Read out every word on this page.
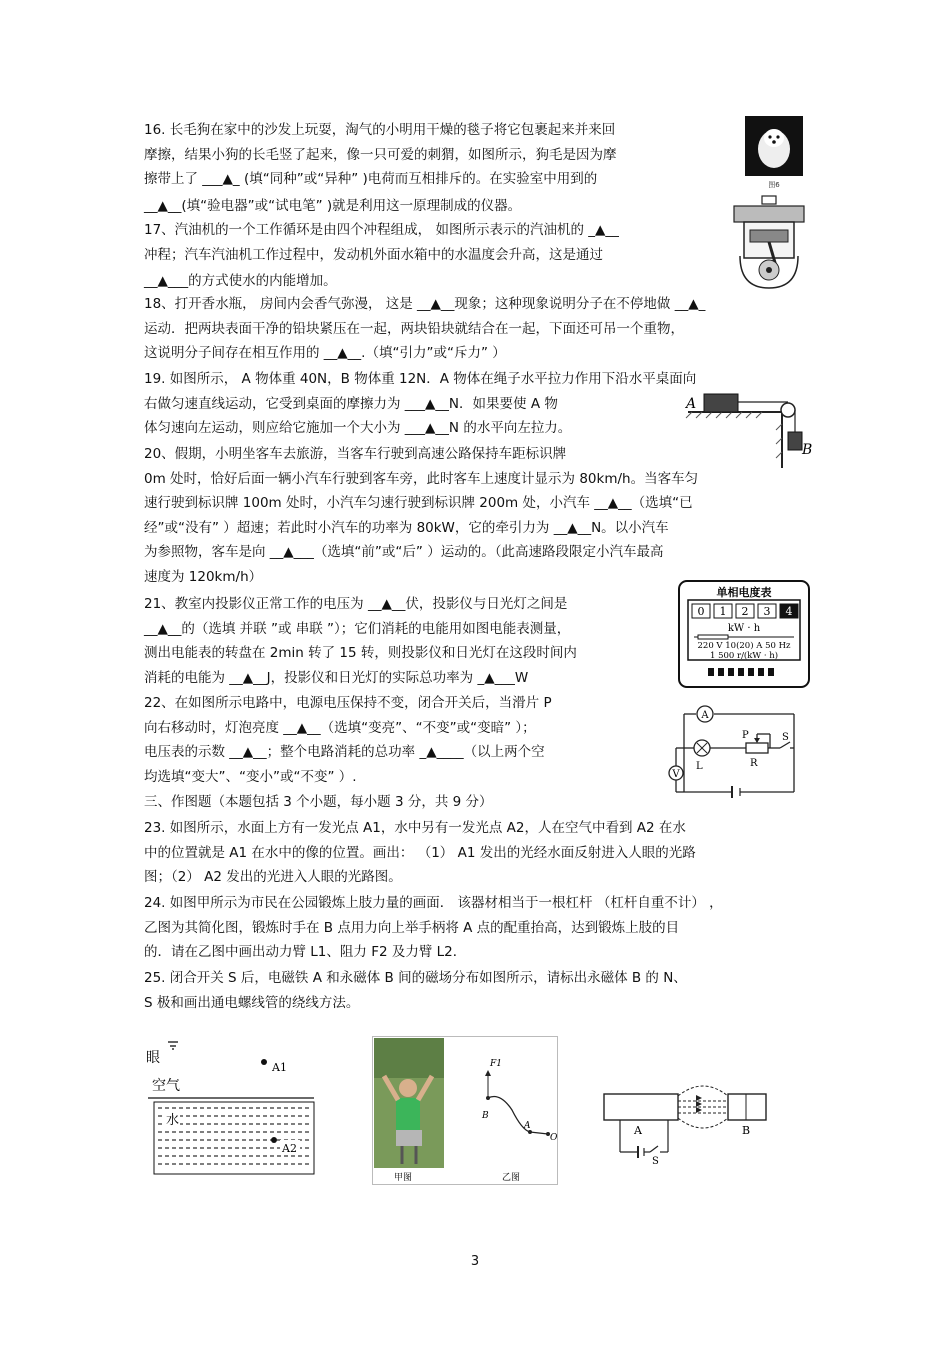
16. 长毛狗在家中的沙发上玩耍，淘气的小明用干燥的毯子将它包裹起来并来回

摩擦，结果小狗的长毛竖了起来，像一只可爱的刺猬，如图所示，狗毛是因为摩

擦带上了 ___▲_ (填“同种”或“异种” )电荷而互相排斥的。在实验室中用到的

__▲__(填“验电器”或“试电笔” )就是利用这一原理制成的仪器。

图6

17、汽油机的一个工作循环是由四个冲程组成， 如图所示表示的汽油机的 _▲__

冲程；汽车汽油机工作过程中，发动机外面水箱中的水温度会升高，这是通过

__▲___的方式使水的内能增加。

18、打开香水瓶， 房间内会香气弥漫， 这是 __▲__现象；这种现象说明分子在不停地做 __▲_

运动．把两块表面干净的铅块紧压在一起，两块铅块就结合在一起，下面还可吊一个重物，

这说明分子间存在相互作用的 __▲__.（填“引力”或“斥力” ）

19. 如图所示， A 物体重 40N，B 物体重 12N．A 物体在绳子水平拉力作用下沿水平桌面向

右做匀速直线运动，它受到桌面的摩擦力为 ___▲__N．如果要使 A 物

体匀速向左运动，则应给它施加一个大小为 ___▲__N 的水平向左拉力。

A
B

20、假期，小明坐客车去旅游，当客车行驶到高速公路保持车距标识牌

0m 处时，恰好后面一辆小汽车行驶到客车旁，此时客车上速度计显示为 80km/h。当客车匀

速行驶到标识牌 100m 处时，小汽车匀速行驶到标识牌 200m 处，小汽车 __▲__（选填“已

经”或“没有” ）超速；若此时小汽车的功率为 80kW，它的牵引力为 __▲__N。以小汽车

为参照物，客车是向 __▲___（选填“前”或“后” ）运动的。（此高速路段限定小汽车最高

速度为 120km/h）

21、教室内投影仪正常工作的电压为 __▲__伏，投影仪与日光灯之间是

__▲__的（选填 并联 ”或 串联 ”）；它们消耗的电能用如图电能表测量，

测出电能表的转盘在 2min 转了 15 转，则投影仪和日光灯在这段时间内

消耗的电能为 __▲__J，投影仪和日光灯的实际总功率为 _▲___W

单相电度表
0 1 2 3 4
kW · h
220 V 10(20) A 50 Hz
1 500 r/(kW · h)

22、在如图所示电路中，电源电压保持不变，闭合开关后，当滑片 P

向右移动时，灯泡亮度 __▲__（选填“变亮”、“不变”或“变暗” ）；

电压表的示数 __▲__；整个电路消耗的总功率 _▲____（以上两个空

均选填“变大”、“变小”或“不变” ）.

A
V
L
P
R
S

三、作图题（本题包括 3 个小题，每小题 3 分，共 9 分）

23. 如图所示，水面上方有一发光点 A1，水中另有一发光点 A2，人在空气中看到 A2 在水

中的位置就是 A1 在水中的像的位置。画出： （1） A1 发出的光经水面反射进入人眼的光路

图；（2） A2 发出的光进入人眼的光路图。

24. 如图甲所示为市民在公园锻炼上肢力量的画面． 该器材相当于一根杠杆 （杠杆自重不计） ，

乙图为其简化图，锻炼时手在 B 点用力向上举手柄将 A 点的配重抬高，达到锻炼上肢的目

的．请在乙图中画出动力臂 L1、阻力 F2 及力臂 L2．

25. 闭合开关 S 后，电磁铁 A 和永磁体 B 间的磁场分布如图所示，请标出永磁体 B 的 N、

S 极和画出通电螺线管的绕线方法。

眼
A1
空气
水
A2
甲图
F1
B
A
O
乙图
A	B
S
3
